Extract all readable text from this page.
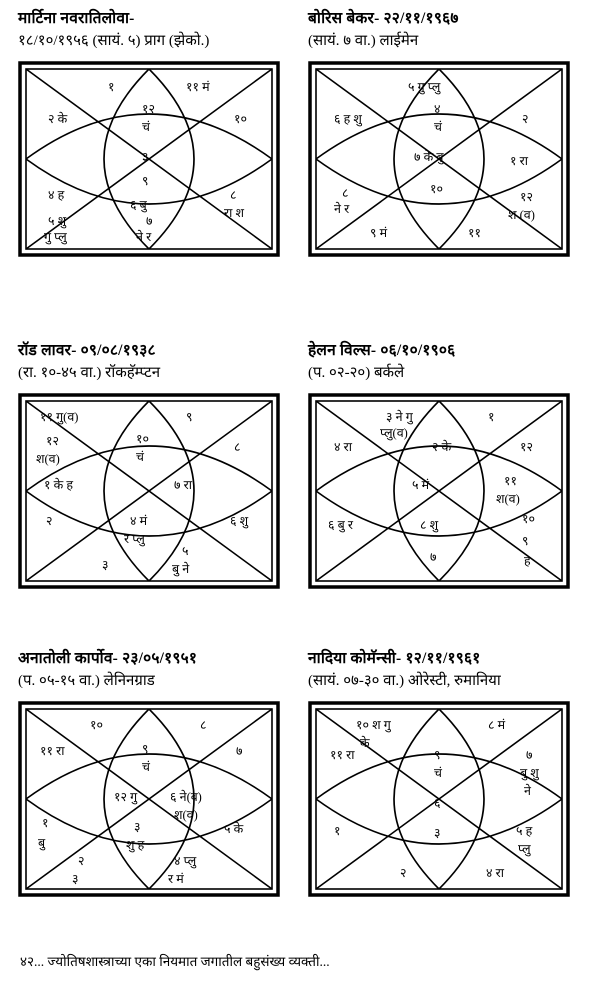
मार्टिना नवरातिलोवा-
१८/१०/१९५६ (सायं. ५) प्राग (झेको.)
१	११ मं
१२
चं
२ के	१०
३
९
४ ह
६ बु
८
रा श
५ शु
गु प्लु
७
ने र
बोरिस बेकर- २२/११/१९६७
(सायं. ७ वा.) लाईमेन
५ गु प्लु
४
चं
६ ह शु	२
७ के बु	१ रा
८
ने र
१०
१२
श (व)
९ मं	११
रॉड लावर- ०९/०८/१९३८
(रा. १०-४५ वा.) रॉकहॅम्प्टन
११ गु(व)	९
१२
श(व)
१०
चं
८
१ के ह	७ रा
२	४ मं
र प्लु
६ शु
३
५
बु ने
हेलन विल्स- ०६/१०/१९०६
(प. ०२-२०) बर्कले
३ ने गु
प्लु(व)
२ के
१
४ रा	१२
५ मं	११
श(व)
६ बु र	८ शु	१०
७
९
ह
अनातोली कार्पोव- २३/०५/१९५१
(प. ०५-१५ वा.) लेनिनग्राड
१०	८
११ रा	९
चं
७
१२ गु	६ ने(व)
श(व)
१
बु
३
शु ह
५ के
२	४ प्लु
३	र मं
नादिया कोमॅन्सी- १२/११/१९६१
(सायं. ०७-३० वा.) ओरेस्टी, रुमानिया
१० श गु
के
८ मं
११ रा	९
चं
७
बु शु
ने
६
१	३	५ ह
प्लु
२	४ रा
४२... ज्योतिषशास्त्राच्या एका नियमात जगातील बहुसंख्य व्यक्ती...
